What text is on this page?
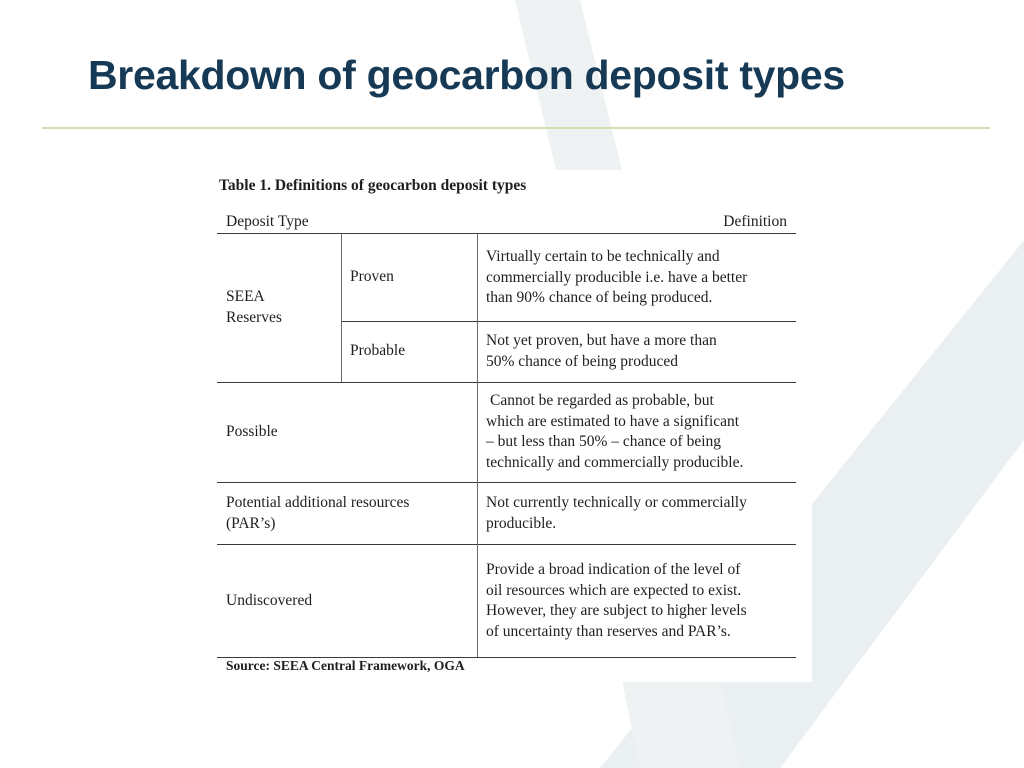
Breakdown of geocarbon deposit types
Table 1. Definitions of geocarbon deposit types
Deposit Type	Definition
SEEA
Reserves
Proven
Virtually certain to be technically and
commercially producible i.e. have a better
than 90% chance of being produced.
Probable
Not yet proven, but have a more than
50% chance of being produced
Possible
Cannot be regarded as probable, but
which are estimated to have a significant
– but less than 50% – chance of being
technically and commercially producible.
Potential additional resources
(PAR’s)
Not currently technically or commercially
producible.
Undiscovered
Provide a broad indication of the level of
oil resources which are expected to exist.
However, they are subject to higher levels
of uncertainty than reserves and PAR’s.
Source: SEEA Central Framework, OGA
